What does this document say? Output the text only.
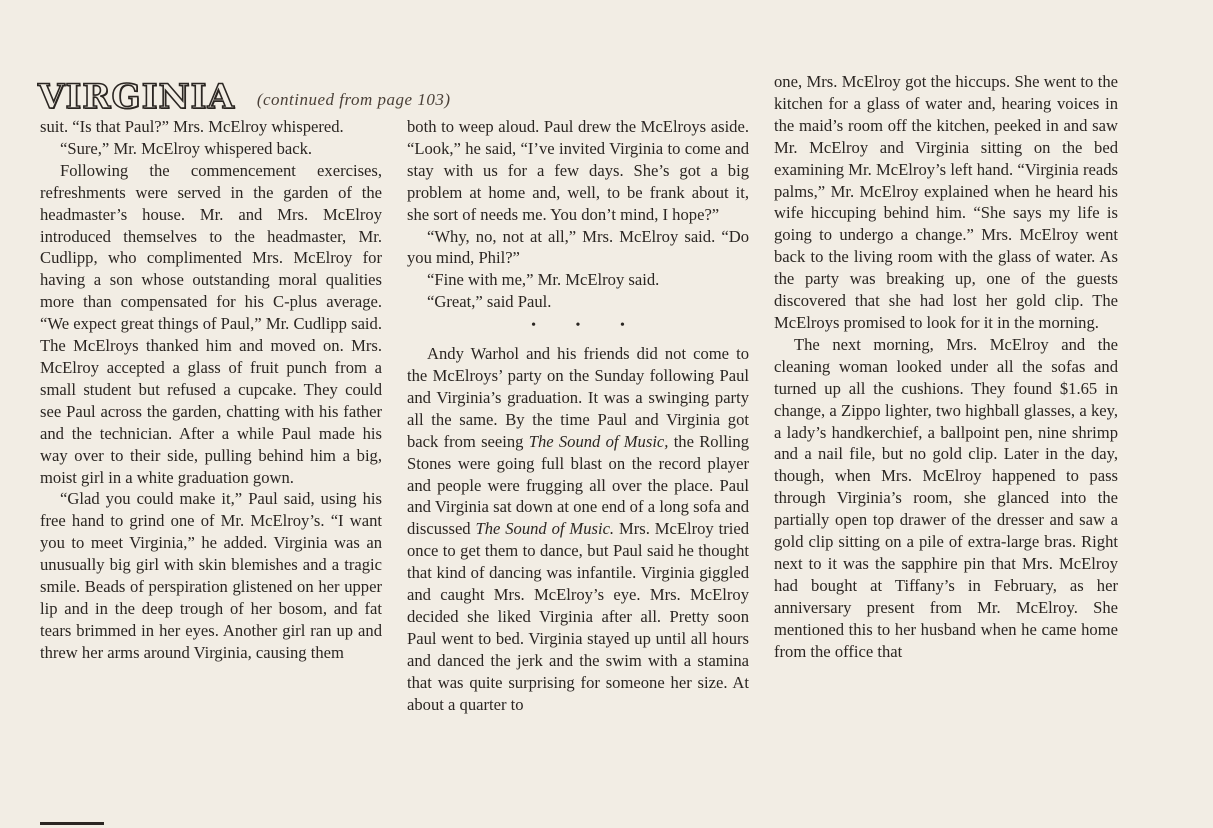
VIRGINIA (continued from page 103)

suit. “Is that Paul?” Mrs. McElroy whispered.

“Sure,” Mr. McElroy whispered back.

Following the commencement exercises, refreshments were served in the garden of the headmaster’s house. Mr. and Mrs. McElroy introduced themselves to the headmaster, Mr. Cudlipp, who complimented Mrs. McElroy for having a son whose outstanding moral qualities more than compensated for his C-plus average. “We expect great things of Paul,” Mr. Cudlipp said. The McElroys thanked him and moved on. Mrs. McElroy accepted a glass of fruit punch from a small student but refused a cupcake. They could see Paul across the garden, chatting with his father and the technician. After a while Paul made his way over to their side, pulling behind him a big, moist girl in a white graduation gown.

“Glad you could make it,” Paul said, using his free hand to grind one of Mr. McElroy’s. “I want you to meet Virginia,” he added. Virginia was an unusually big girl with skin blemishes and a tragic smile. Beads of perspiration glistened on her upper lip and in the deep trough of her bosom, and fat tears brimmed in her eyes. Another girl ran up and threw her arms around Virginia, causing them

both to weep aloud. Paul drew the McElroys aside. “Look,” he said, “I’ve invited Virginia to come and stay with us for a few days. She’s got a big problem at home and, well, to be frank about it, she sort of needs me. You don’t mind, I hope?”

“Why, no, not at all,” Mrs. McElroy said. “Do you mind, Phil?”

“Fine with me,” Mr. McElroy said.

“Great,” said Paul.

• • •

Andy Warhol and his friends did not come to the McElroys’ party on the Sunday following Paul and Virginia’s graduation. It was a swinging party all the same. By the time Paul and Virginia got back from seeing The Sound of Music, the Rolling Stones were going full blast on the record player and people were frugging all over the place. Paul and Virginia sat down at one end of a long sofa and discussed The Sound of Music. Mrs. McElroy tried once to get them to dance, but Paul said he thought that kind of dancing was infantile. Virginia giggled and caught Mrs. McElroy’s eye. Mrs. McElroy decided she liked Virginia after all. Pretty soon Paul went to bed. Virginia stayed up until all hours and danced the jerk and the swim with a stamina that was quite surprising for someone her size. At about a quarter to

one, Mrs. McElroy got the hiccups. She went to the kitchen for a glass of water and, hearing voices in the maid’s room off the kitchen, peeked in and saw Mr. McElroy and Virginia sitting on the bed examining Mr. McElroy’s left hand. “Virginia reads palms,” Mr. McElroy explained when he heard his wife hiccuping behind him. “She says my life is going to undergo a change.” Mrs. McElroy went back to the living room with the glass of water. As the party was breaking up, one of the guests discovered that she had lost her gold clip. The McElroys promised to look for it in the morning.

The next morning, Mrs. McElroy and the cleaning woman looked under all the sofas and turned up all the cushions. They found $1.65 in change, a Zippo lighter, two highball glasses, a key, a lady’s handkerchief, a ballpoint pen, nine shrimp and a nail file, but no gold clip. Later in the day, though, when Mrs. McElroy happened to pass through Virginia’s room, she glanced into the partially open top drawer of the dresser and saw a gold clip sitting on a pile of extra-large bras. Right next to it was the sapphire pin that Mrs. McElroy had bought at Tiffany’s in February, as her anniversary present from Mr. McElroy. She mentioned this to her husband when he came home from the office that
